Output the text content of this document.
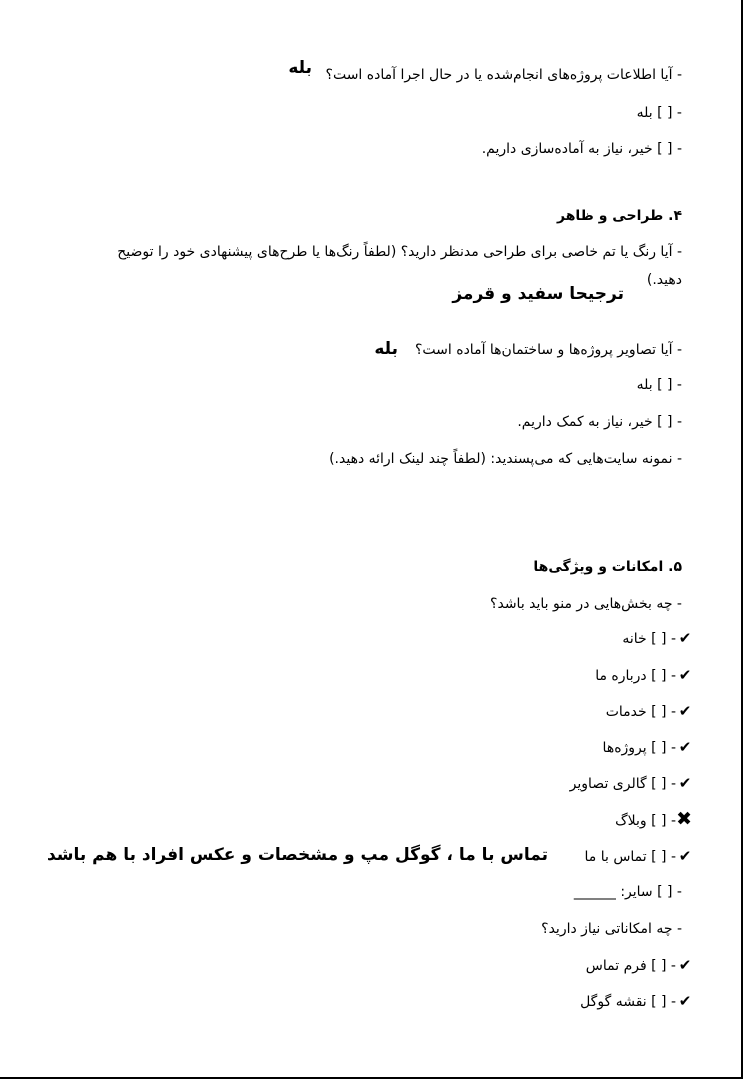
- آیا اطلاعات پروژه‌های انجام‌شده یا در حال اجرا آماده است؟
بله
- [ ] بله
- [ ] خیر، نیاز به آماده‌سازی داریم.
۴. طراحی و ظاهر
- آیا رنگ یا تم خاصی برای طراحی مدنظر دارید؟ (لطفاً رنگ‌ها یا طرح‌های پیشنهادی خود را توضیح دهید.)
ترجیحا سفید و قرمز
- آیا تصاویر پروژه‌ها و ساختمان‌ها آماده است؟
بله
- [ ] بله
- [ ] خیر، نیاز به کمک داریم.
- نمونه سایت‌هایی که می‌پسندید: (لطفاً چند لینک ارائه دهید.)
۵. امکانات و ویژگی‌ها
- چه بخش‌هایی در منو باید باشد؟
✔- [ ] خانه
✔- [ ] درباره ما
✔- [ ] خدمات
✔- [ ] پروژه‌ها
✔- [ ] گالری تصاویر
✖- [ ] وبلاگ
✔- [ ] تماس با ما
تماس با ما ، گوگل مپ و مشخصات و عکس افراد با هم باشد
- [ ] سایر: ______
- چه امکاناتی نیاز دارید؟
✔- [ ] فرم تماس
✔- [ ] نقشه گوگل
